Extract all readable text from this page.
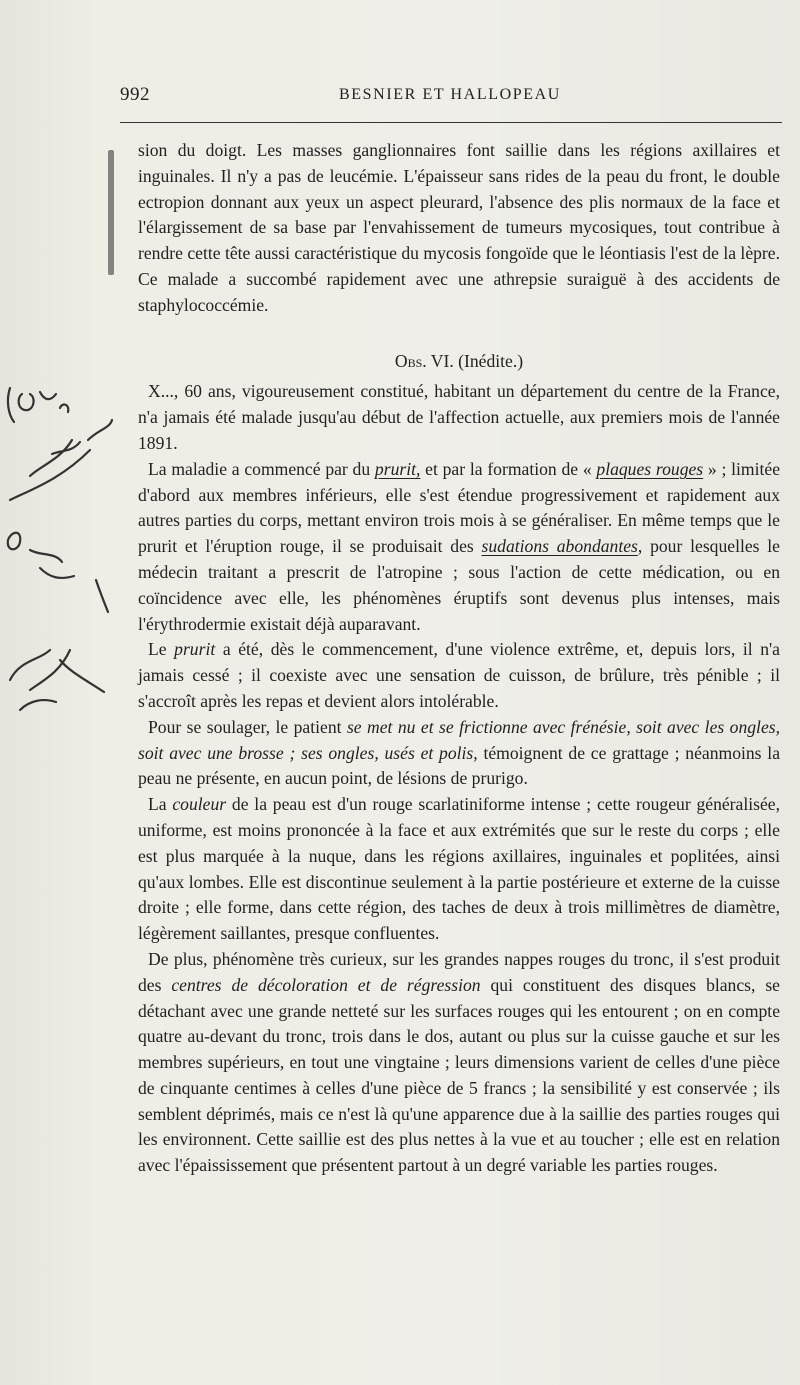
992	BESNIER ET HALLOPEAU

sion du doigt. Les masses ganglionnaires font saillie dans les régions axillaires et inguinales. Il n'y a pas de leucémie. L'épaisseur sans rides de la peau du front, le double ectropion donnant aux yeux un aspect pleurard, l'absence des plis normaux de la face et l'élargissement de sa base par l'envahissement de tumeurs mycosiques, tout contribue à rendre cette tête aussi caractéristique du mycosis fongoïde que le léontiasis l'est de la lèpre. Ce malade a succombé rapidement avec une athrepsie suraiguë à des accidents de staphylococcémie.

Obs. VI. (Inédite.)

X..., 60 ans, vigoureusement constitué, habitant un département du centre de la France, n'a jamais été malade jusqu'au début de l'affection actuelle, aux premiers mois de l'année 1891.

La maladie a commencé par du prurit, et par la formation de « plaques rouges » ; limitée d'abord aux membres inférieurs, elle s'est étendue progressivement et rapidement aux autres parties du corps, mettant environ trois mois à se généraliser. En même temps que le prurit et l'éruption rouge, il se produisait des sudations abondantes, pour lesquelles le médecin traitant a prescrit de l'atropine ; sous l'action de cette médication, ou en coïncidence avec elle, les phénomènes éruptifs sont devenus plus intenses, mais l'érythrodermie existait déjà auparavant.

Le prurit a été, dès le commencement, d'une violence extrême, et, depuis lors, il n'a jamais cessé ; il coexiste avec une sensation de cuisson, de brûlure, très pénible ; il s'accroît après les repas et devient alors intolérable.

Pour se soulager, le patient se met nu et se frictionne avec frénésie, soit avec les ongles, soit avec une brosse ; ses ongles, usés et polis, témoignent de ce grattage ; néanmoins la peau ne présente, en aucun point, de lésions de prurigo.

La couleur de la peau est d'un rouge scarlatiniforme intense ; cette rougeur généralisée, uniforme, est moins prononcée à la face et aux extrémités que sur le reste du corps ; elle est plus marquée à la nuque, dans les régions axillaires, inguinales et poplitées, ainsi qu'aux lombes. Elle est discontinue seulement à la partie postérieure et externe de la cuisse droite ; elle forme, dans cette région, des taches de deux à trois millimètres de diamètre, légèrement saillantes, presque confluentes.

De plus, phénomène très curieux, sur les grandes nappes rouges du tronc, il s'est produit des centres de décoloration et de régression qui constituent des disques blancs, se détachant avec une grande netteté sur les surfaces rouges qui les entourent ; on en compte quatre au-devant du tronc, trois dans le dos, autant ou plus sur la cuisse gauche et sur les membres supérieurs, en tout une vingtaine ; leurs dimensions varient de celles d'une pièce de cinquante centimes à celles d'une pièce de 5 francs ; la sensibilité y est conservée ; ils semblent déprimés, mais ce n'est là qu'une apparence due à la saillie des parties rouges qui les environnent. Cette saillie est des plus nettes à la vue et au toucher ; elle est en relation avec l'épaississement que présentent partout à un degré variable les parties rouges.
